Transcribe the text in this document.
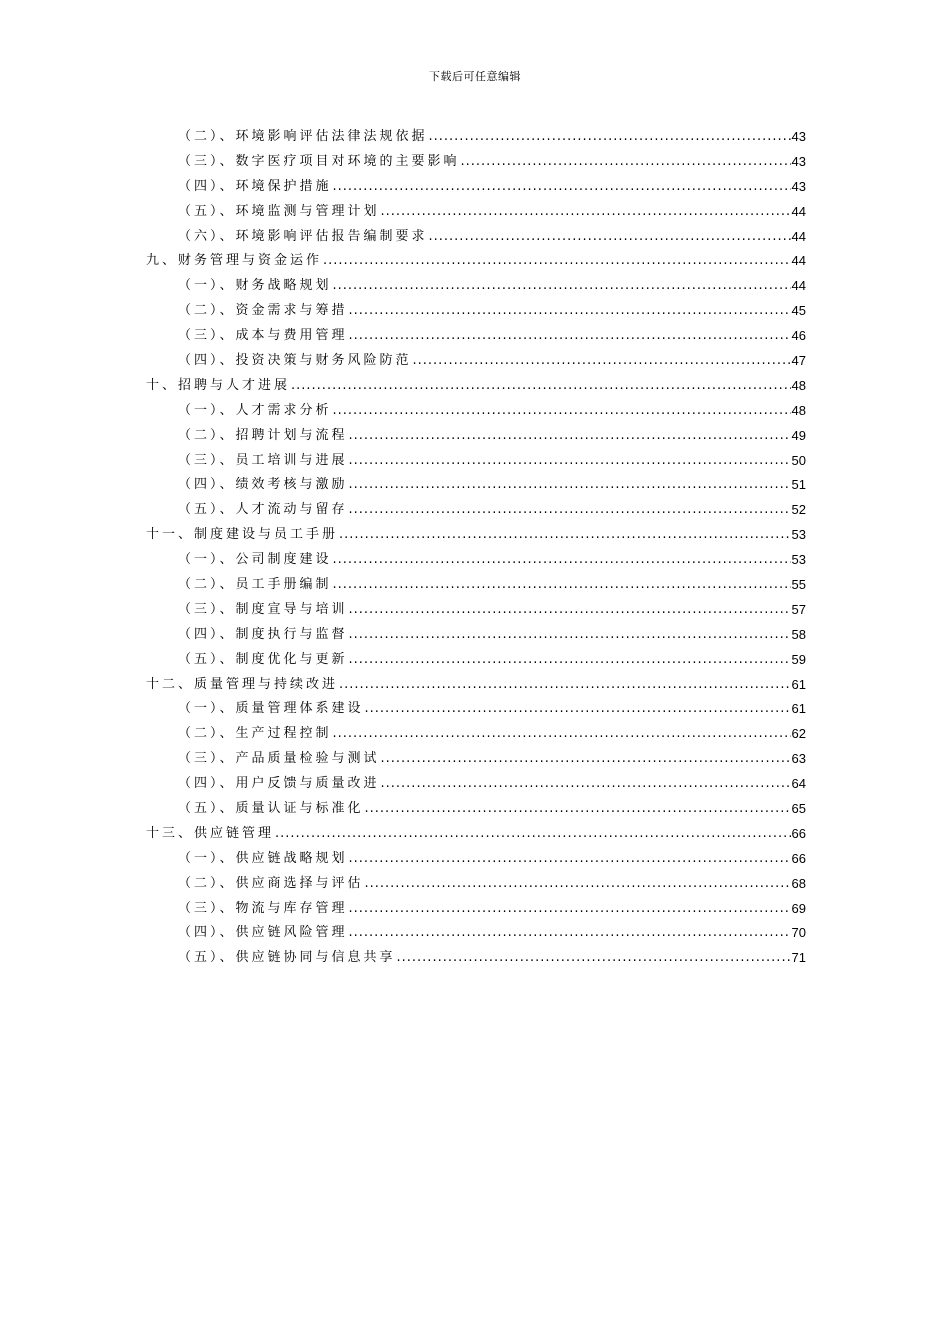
下载后可任意编辑
（二）、环境影响评估法律法规依据 .....	43
（三）、数字医疗项目对环境的主要影响 .....	43
（四）、环境保护措施 .....	43
（五）、环境监测与管理计划 .....	44
（六）、环境影响评估报告编制要求 .....	44
九、财务管理与资金运作 .....	44
（一）、财务战略规划 .....	44
（二）、资金需求与筹措 .....	45
（三）、成本与费用管理 .....	46
（四）、投资决策与财务风险防范 .....	47
十、招聘与人才进展 .....	48
（一）、人才需求分析 .....	48
（二）、招聘计划与流程 .....	49
（三）、员工培训与进展 .....	50
（四）、绩效考核与激励 .....	51
（五）、人才流动与留存 .....	52
十一、制度建设与员工手册 .....	53
（一）、公司制度建设 .....	53
（二）、员工手册编制 .....	55
（三）、制度宣导与培训 .....	57
（四）、制度执行与监督 .....	58
（五）、制度优化与更新 .....	59
十二、质量管理与持续改进 .....	61
（一）、质量管理体系建设 .....	61
（二）、生产过程控制 .....	62
（三）、产品质量检验与测试 .....	63
（四）、用户反馈与质量改进 .....	64
（五）、质量认证与标准化 .....	65
十三、供应链管理 .....	66
（一）、供应链战略规划 .....	66
（二）、供应商选择与评估 .....	68
（三）、物流与库存管理 .....	69
（四）、供应链风险管理 .....	70
（五）、供应链协同与信息共享 .....	71
